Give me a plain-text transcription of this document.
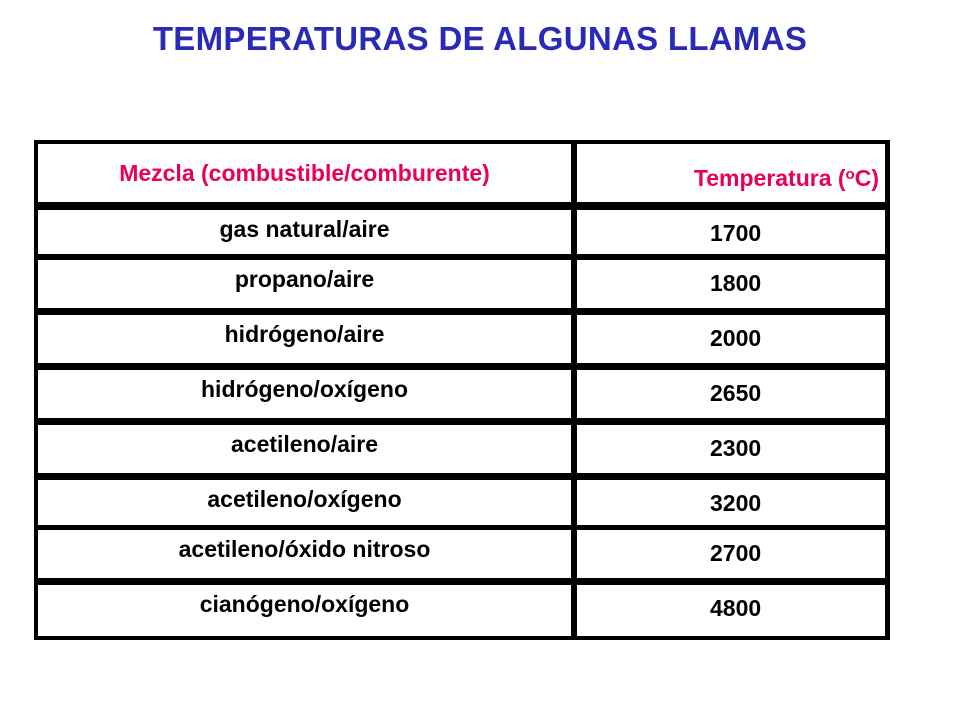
TEMPERATURAS DE ALGUNAS LLAMAS
Mezcla (combustible/comburente)	Temperatura ($^o$C)
gas natural/aire	1700
propano/aire	1800
hidrógeno/aire	2000
hidrógeno/oxígeno	2650
acetileno/aire	2300
acetileno/oxígeno	3200
acetileno/óxido nitroso	2700
cianógeno/oxígeno	4800
